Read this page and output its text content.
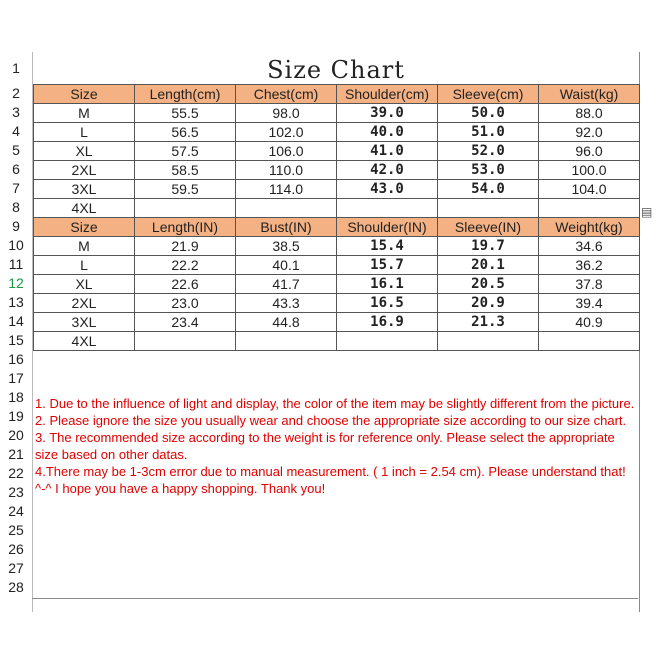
1
2
3
4
5
6
7
8
9
10
11
12
13
14
15
16
17
18
19
20
21
22
23
24
25
26
27
28
Size Chart
Size	Length(cm)	Chest(cm)	Shoulder(cm)	Sleeve(cm)	Waist(kg)
M	55.5	98.0	39.0	50.0	88.0
L	56.5	102.0	40.0	51.0	92.0
XL	57.5	106.0	41.0	52.0	96.0
2XL	58.5	110.0	42.0	53.0	100.0
3XL	59.5	114.0	43.0	54.0	104.0
4XL					
Size	Length(IN)	Bust(IN)	Shoulder(IN)	Sleeve(IN)	Weight(kg)
M	21.9	38.5	15.4	19.7	34.6
L	22.2	40.1	15.7	20.1	36.2
XL	22.6	41.7	16.1	20.5	37.8
2XL	23.0	43.3	16.5	20.9	39.4
3XL	23.4	44.8	16.9	21.3	40.9
4XL					

1. Due to the influence of light and display, the color of the item may be slightly different from the picture.

2. Please ignore the size you usually wear and choose the appropriate size according to our size chart.

3. The recommended size according to the weight is for reference only. Please select the appropriate size based on other datas.

4.There may be 1-3cm error due to manual measurement. ( 1 inch = 2.54 cm). Please understand that!

^-^ I hope you have a happy shopping. Thank you!

▤
